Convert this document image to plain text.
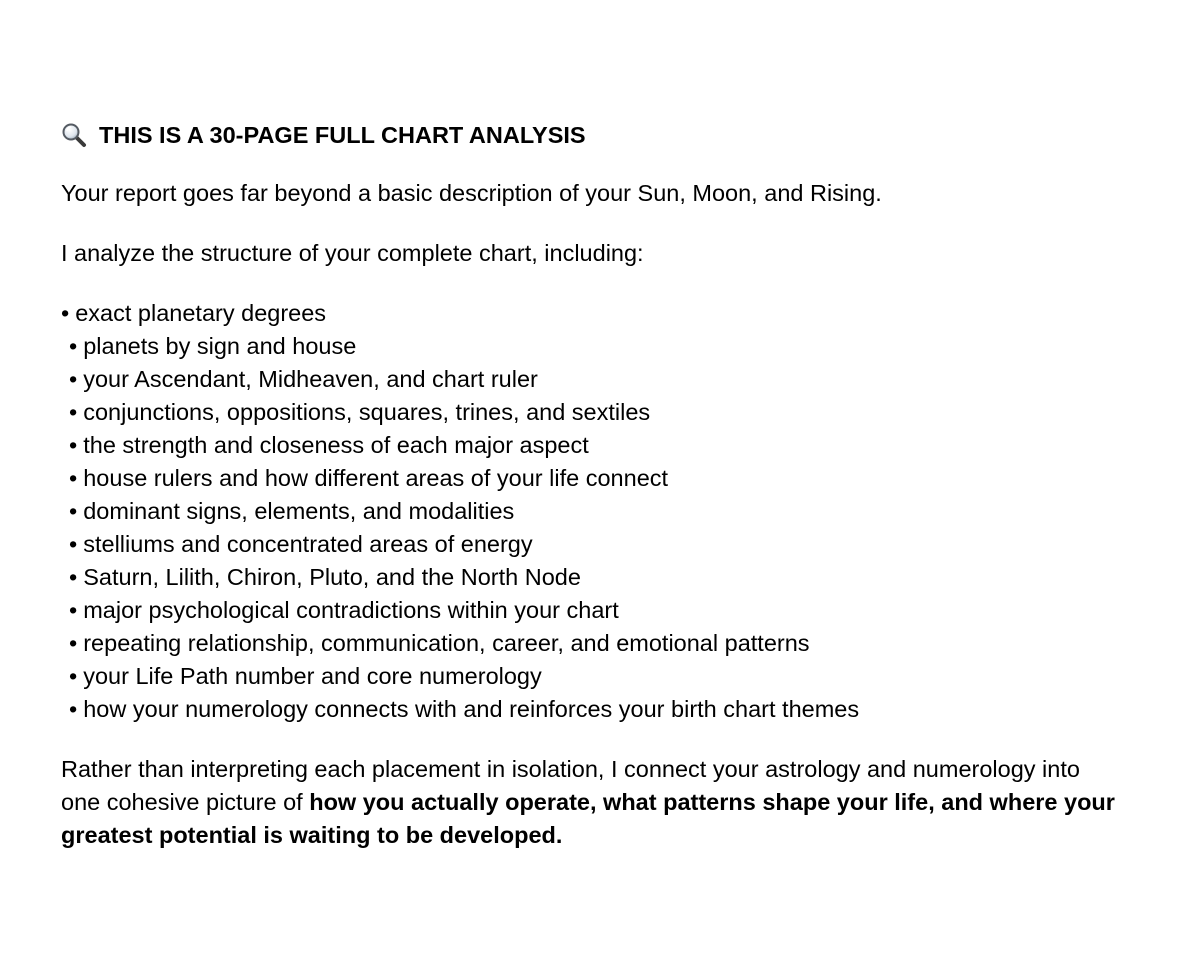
THIS IS A 30-PAGE FULL CHART ANALYSIS

Your report goes far beyond a basic description of your Sun, Moon, and Rising.

I analyze the structure of your complete chart, including:

• exact planetary degrees
• planets by sign and house
• your Ascendant, Midheaven, and chart ruler
• conjunctions, oppositions, squares, trines, and sextiles
• the strength and closeness of each major aspect
• house rulers and how different areas of your life connect
• dominant signs, elements, and modalities
• stelliums and concentrated areas of energy
• Saturn, Lilith, Chiron, Pluto, and the North Node
• major psychological contradictions within your chart
• repeating relationship, communication, career, and emotional patterns
• your Life Path number and core numerology
• how your numerology connects with and reinforces your birth chart themes

Rather than interpreting each placement in isolation, I connect your astrology and numerology into one cohesive picture of how you actually operate, what patterns shape your life, and where your greatest potential is waiting to be developed.
